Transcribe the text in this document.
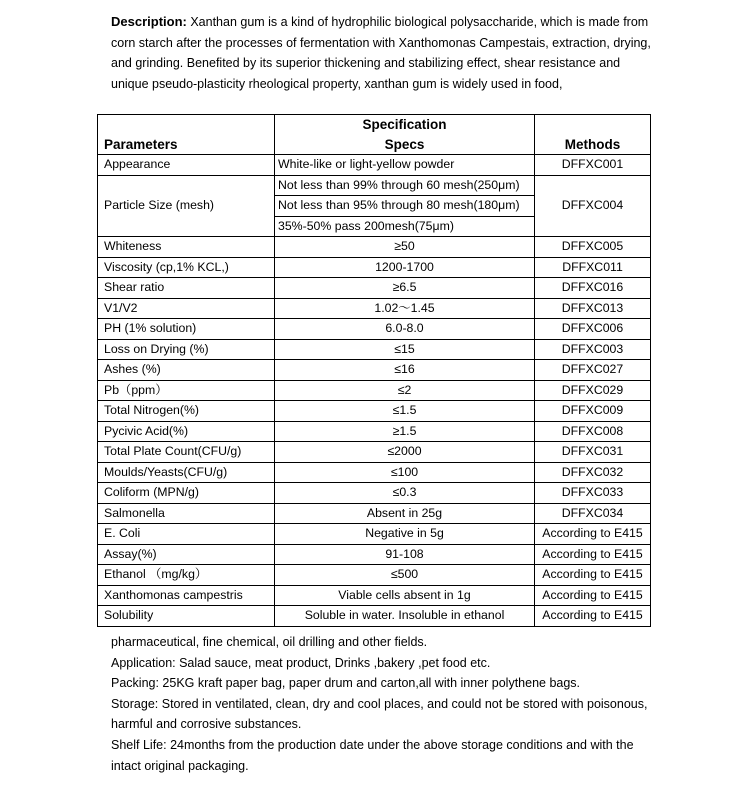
Description: Xanthan gum is a kind of hydrophilic biological polysaccharide, which is made from corn starch after the processes of fermentation with Xanthomonas Campestais, extraction, drying, and grinding. Benefited by its superior thickening and stabilizing effect, shear resistance and unique pseudo-plasticity rheological property, xanthan gum is widely used in food,
	Specification	
Parameters	Specs	Methods
Appearance	White-like or light-yellow powder	DFFXC001
Particle Size (mesh)	Not less than 99% through 60 mesh(250μm)	DFFXC004
	Not less than 95% through 80 mesh(180μm)	
	35%-50% pass 200mesh(75μm)	
Whiteness	≥50	DFFXC005
Viscosity (cp,1% KCL,)	1200-1700	DFFXC011
Shear ratio	≥6.5	DFFXC016
V1/V2	1.02～1.45	DFFXC013
PH (1% solution)	6.0-8.0	DFFXC006
Loss on Drying (%)	≤15	DFFXC003
Ashes (%)	≤16	DFFXC027
Pb（ppm）	≤2	DFFXC029
Total Nitrogen(%)	≤1.5	DFFXC009
Pycivic Acid(%)	≥1.5	DFFXC008
Total Plate Count(CFU/g)	≤2000	DFFXC031
Moulds/Yeasts(CFU/g)	≤100	DFFXC032
Coliform (MPN/g)	≤0.3	DFFXC033
Salmonella	Absent in 25g	DFFXC034
E. Coli	Negative in 5g	According to E415
Assay(%)	91-108	According to E415
Ethanol （mg/kg）	≤500	According to E415
Xanthomonas campestris	Viable cells absent in 1g	According to E415
Solubility	Soluble in water. Insoluble in ethanol	According to E415
pharmaceutical, fine chemical, oil drilling and other fields.
Application: Salad sauce, meat product, Drinks ,bakery ,pet food etc.
Packing: 25KG kraft paper bag, paper drum and carton,all with inner polythene bags.
Storage: Stored in ventilated, clean, dry and cool places, and could not be stored with poisonous, harmful and corrosive substances.
Shelf Life: 24months from the production date under the above storage conditions and with the intact original packaging.
